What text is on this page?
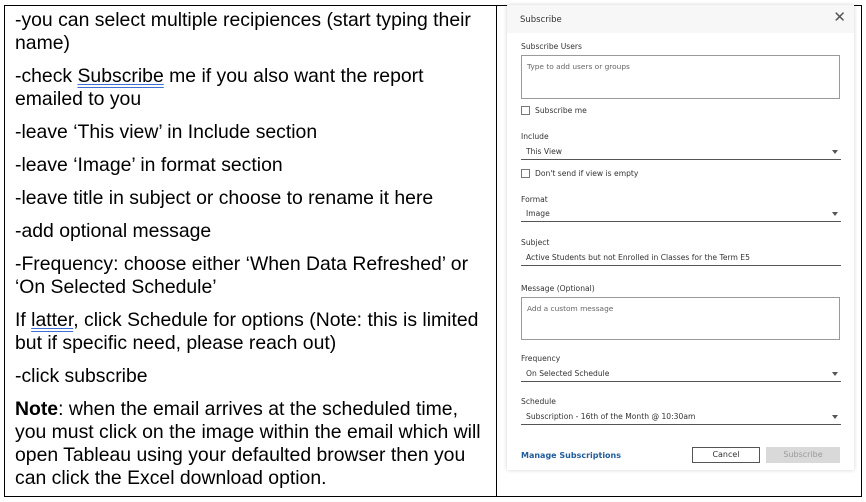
-you can select multiple recipiences (start typing their name)

-check Subscribe me if you also want the report emailed to you

-leave ‘This view’ in Include section

-leave ‘Image’ in format section

-leave title in subject or choose to rename it here

-add optional message

-Frequency: choose either ‘When Data Refreshed’ or ‘On Selected Schedule’

If latter, click Schedule for options (Note: this is limited but if specific need, please reach out)

-click subscribe

Note: when the email arrives at the scheduled time, you must click on the image within the email which will open Tableau using your defaulted browser then you can click the Excel download option.

Subscribe	✕
Subscribe Users
Type to add users or groups
Subscribe me
Include
This View
Don't send if view is empty
Format
Image
Subject
Active Students but not Enrolled in Classes for the Term E5
Message (Optional)
Add a custom message
Frequency
On Selected Schedule
Schedule
Subscription - 16th of the Month @ 10:30am
Manage Subscriptions	Cancel	Subscribe
